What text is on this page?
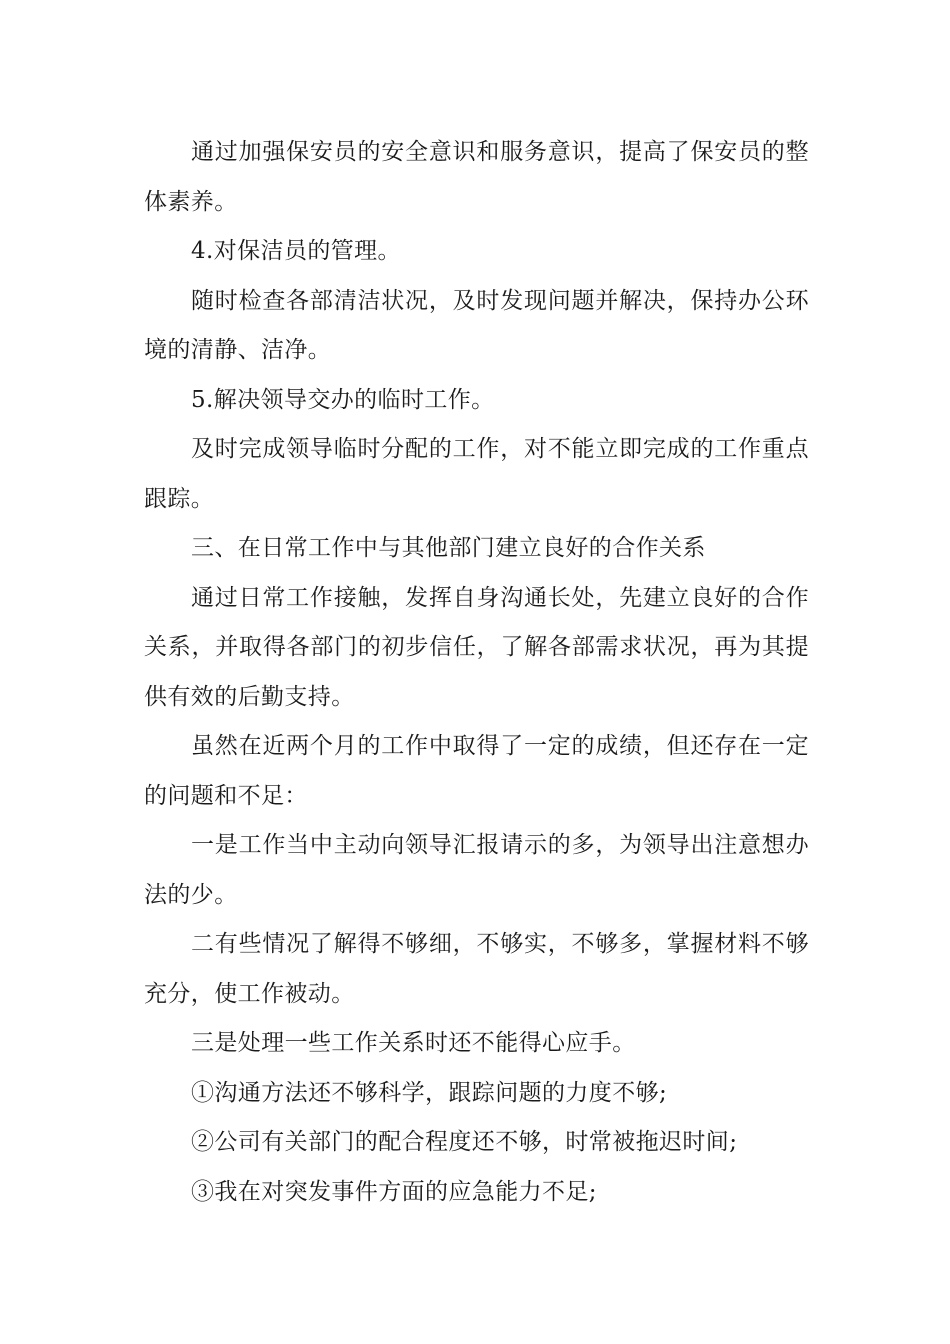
通过加强保安员的安全意识和服务意识，提高了保安员的整体素养。

4.对保洁员的管理。

随时检查各部清洁状况，及时发现问题并解决，保持办公环境的清静、洁净。

5.解决领导交办的临时工作。

及时完成领导临时分配的工作，对不能立即完成的工作重点跟踪。

三、在日常工作中与其他部门建立良好的合作关系

通过日常工作接触，发挥自身沟通长处，先建立良好的合作关系，并取得各部门的初步信任，了解各部需求状况，再为其提供有效的后勤支持。

虽然在近两个月的工作中取得了一定的成绩，但还存在一定的问题和不足：

一是工作当中主动向领导汇报请示的多，为领导出注意想办法的少。

二有些情况了解得不够细，不够实，不够多，掌握材料不够充分，使工作被动。

三是处理一些工作关系时还不能得心应手。

①沟通方法还不够科学，跟踪问题的力度不够;

②公司有关部门的配合程度还不够，时常被拖迟时间;

③我在对突发事件方面的应急能力不足;
